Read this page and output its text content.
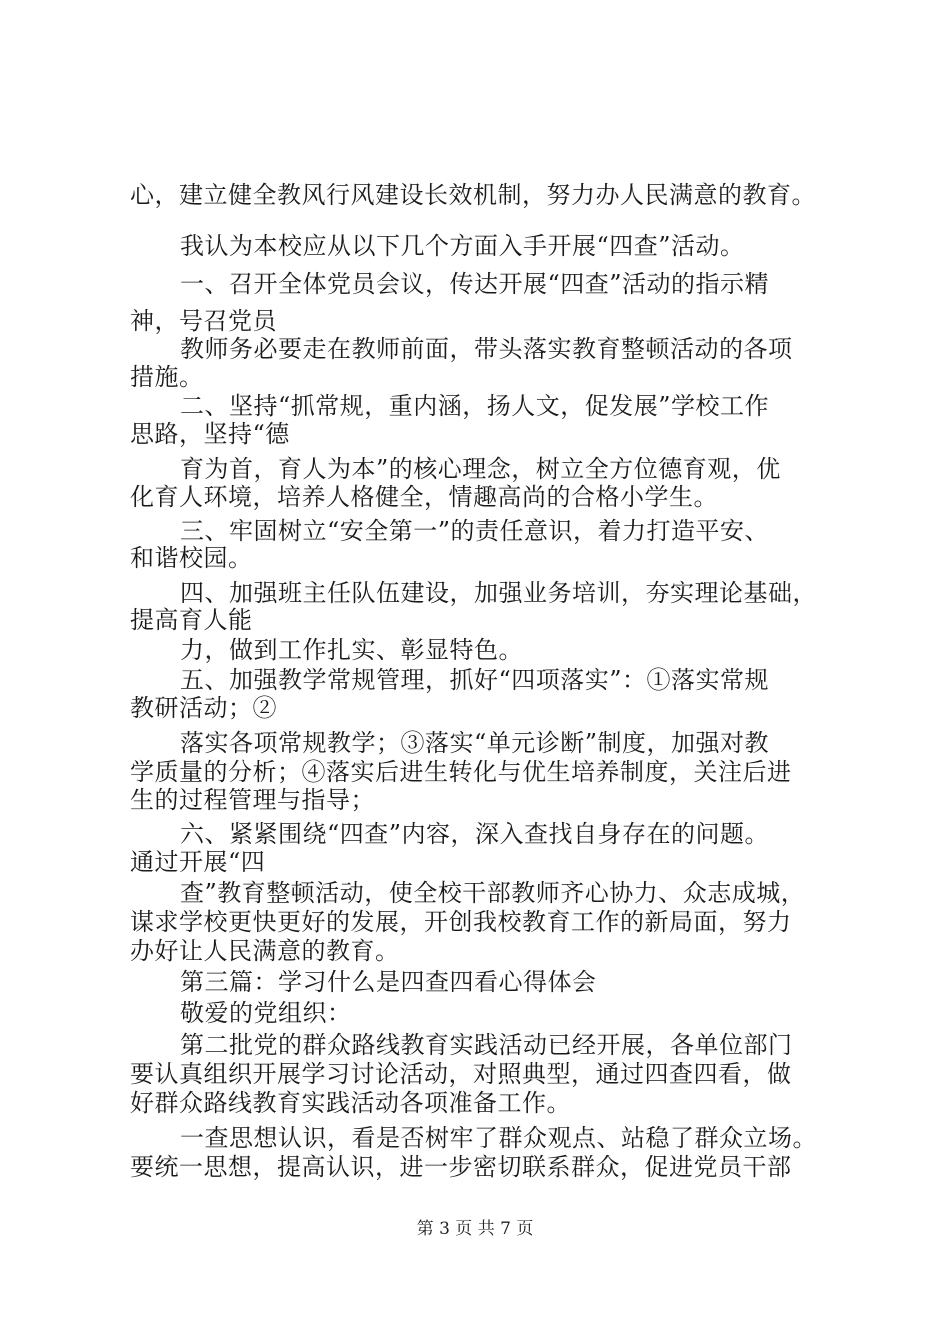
心，建立健全教风行风建设长效机制，努力办人民满意的教育。
我认为本校应从以下几个方面入手开展“四查”活动。
一、召开全体党员会议，传达开展“四查”活动的指示精
神，号召党员
教师务必要走在教师前面，带头落实教育整顿活动的各项
措施。
二、坚持“抓常规，重内涵，扬人文，促发展”学校工作
思路，坚持“德
育为首，育人为本”的核心理念，树立全方位德育观，优
化育人环境，培养人格健全，情趣高尚的合格小学生。
三、牢固树立“安全第一”的责任意识，着力打造平安、
和谐校园。
四、加强班主任队伍建设，加强业务培训，夯实理论基础，
提高育人能
力，做到工作扎实、彰显特色。
五、加强教学常规管理，抓好“四项落实”：①落实常规
教研活动；②
落实各项常规教学；③落实“单元诊断”制度，加强对教
学质量的分析；④落实后进生转化与优生培养制度，关注后进
生的过程管理与指导；
六、紧紧围绕“四查”内容，深入查找自身存在的问题。
通过开展“四
查”教育整顿活动，使全校干部教师齐心协力、众志成城，
谋求学校更快更好的发展，开创我校教育工作的新局面，努力
办好让人民满意的教育。
第三篇：学习什么是四查四看心得体会
敬爱的党组织：
第二批党的群众路线教育实践活动已经开展，各单位部门
要认真组织开展学习讨论活动，对照典型，通过四查四看，做
好群众路线教育实践活动各项准备工作。
一查思想认识，看是否树牢了群众观点、站稳了群众立场。
要统一思想，提高认识，进一步密切联系群众，促进党员干部
第 3 页 共 7 页
